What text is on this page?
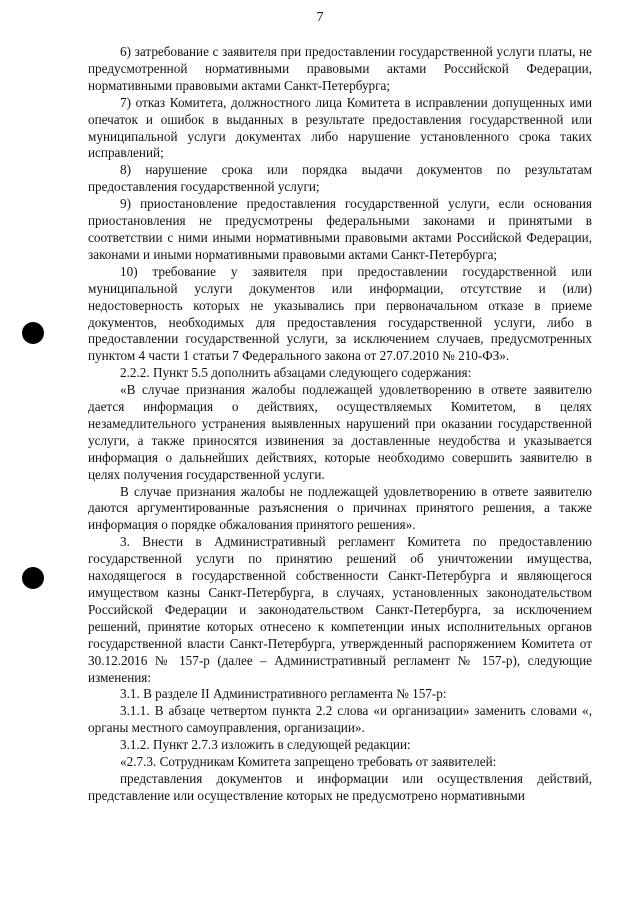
7

6) затребование с заявителя при предоставлении государственной услуги платы, не предусмотренной нормативными правовыми актами Российской Федерации, нормативными правовыми актами Санкт-Петербурга;

7) отказ Комитета, должностного лица Комитета в исправлении допущенных ими опечаток и ошибок в выданных в результате предоставления государственной или муниципальной услуги документах либо нарушение установленного срока таких исправлений;

8) нарушение срока или порядка выдачи документов по результатам предоставления государственной услуги;

9) приостановление предоставления государственной услуги, если основания приостановления не предусмотрены федеральными законами и принятыми в соответствии с ними иными нормативными правовыми актами Российской Федерации, законами и иными нормативными правовыми актами Санкт-Петербурга;

10) требование у заявителя при предоставлении государственной или муниципальной услуги документов или информации, отсутствие и (или) недостоверность которых не указывались при первоначальном отказе в приеме документов, необходимых для предоставления государственной услуги, либо в предоставлении государственной услуги, за исключением случаев, предусмотренных пунктом 4 части 1 статьи 7 Федерального закона от 27.07.2010 № 210-ФЗ».

2.2.2. Пункт 5.5 дополнить абзацами следующего содержания:

«В случае признания жалобы подлежащей удовлетворению в ответе заявителю дается информация о действиях, осуществляемых Комитетом, в целях незамедлительного устранения выявленных нарушений при оказании государственной услуги, а также приносятся извинения за доставленные неудобства и указывается информация о дальнейших действиях, которые необходимо совершить заявителю в целях получения государственной услуги.

В случае признания жалобы не подлежащей удовлетворению в ответе заявителю даются аргументированные разъяснения о причинах принятого решения, а также информация о порядке обжалования принятого решения».

3. Внести в Административный регламент Комитета по предоставлению государственной услуги по принятию решений об уничтожении имущества, находящегося в государственной собственности Санкт-Петербурга и являющегося имуществом казны Санкт-Петербурга, в случаях, установленных законодательством Российской Федерации и законодательством Санкт-Петербурга, за исключением решений, принятие которых отнесено к компетенции иных исполнительных органов государственной власти Санкт-Петербурга, утвержденный распоряжением Комитета от 30.12.2016 № 157-р (далее – Административный регламент № 157-р), следующие изменения:

3.1. В разделе II Административного регламента № 157-р:

3.1.1. В абзаце четвертом пункта 2.2 слова «и организации» заменить словами «, органы местного самоуправления, организации».

3.1.2. Пункт 2.7.3 изложить в следующей редакции:

«2.7.3. Сотрудникам Комитета запрещено требовать от заявителей:

представления документов и информации или осуществления действий, представление или осуществление которых не предусмотрено нормативными
